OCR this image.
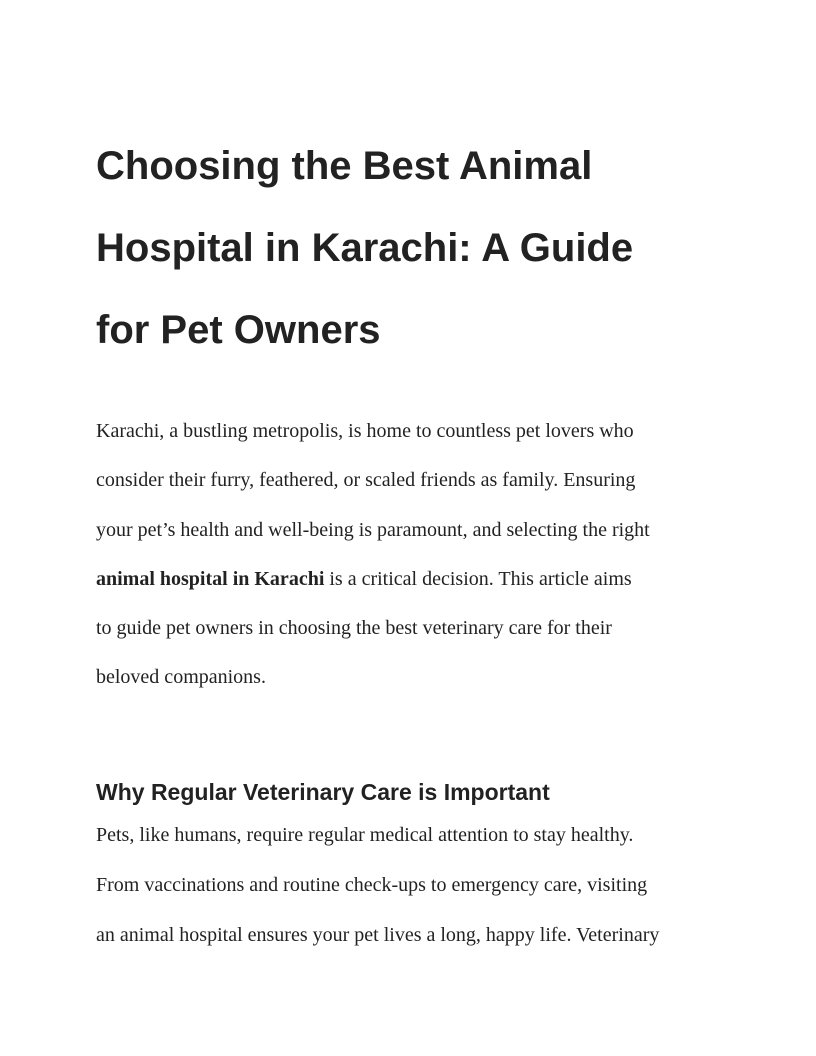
Choosing the Best Animal
Hospital in Karachi: A Guide
for Pet Owners

Karachi, a bustling metropolis, is home to countless pet lovers who
consider their furry, feathered, or scaled friends as family. Ensuring
your pet’s health and well-being is paramount, and selecting the right
animal hospital in Karachi is a critical decision. This article aims
to guide pet owners in choosing the best veterinary care for their
beloved companions.

Why Regular Veterinary Care is Important

Pets, like humans, require regular medical attention to stay healthy.
From vaccinations and routine check-ups to emergency care, visiting
an animal hospital ensures your pet lives a long, happy life. Veterinary
